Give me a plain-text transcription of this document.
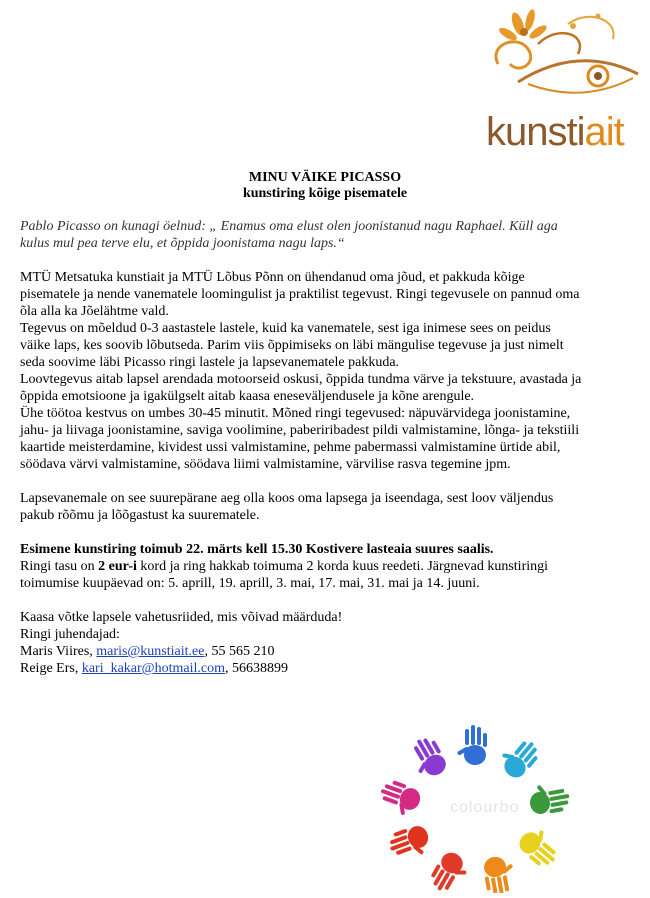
kunstiait
MINU VÄIKE PICASSO
kunstiring kõige pisematele

Pablo Picasso on kunagi öelnud: „ Enamus oma elust olen joonistanud nagu Raphael. Küll aga
kulus mul pea terve elu, et õppida joonistama nagu laps.“

MTÜ Metsatuka kunstiait ja MTÜ Lõbus Põnn on ühendanud oma jõud, et pakkuda kõige
pisematele ja nende vanematele loomingulist ja praktilist tegevust. Ringi tegevusele on pannud oma
õla alla ka Jõelähtme vald.
Tegevus on mõeldud 0-3 aastastele lastele, kuid ka vanematele, sest iga inimese sees on peidus
väike laps, kes soovib lõbutseda. Parim viis õppimiseks on läbi mängulise tegevuse ja just nimelt
seda soovime läbi Picasso ringi lastele ja lapsevanematele pakkuda.
Loovtegevus aitab lapsel arendada motoorseid oskusi, õppida tundma värve ja tekstuure, avastada ja
õppida emotsioone ja igakülgselt aitab kaasa eneseväljendusele ja kõne arengule.
Ühe töötoa kestvus on umbes 30-45 minutit. Mõned ringi tegevused: näpuvärvidega joonistamine,
jahu- ja liivaga joonistamine, saviga voolimine, paberiribadest pildi valmistamine, lõnga- ja tekstiili
kaartide meisterdamine, kividest ussi valmistamine, pehme pabermassi valmistamine ürtide abil,
söödava värvi valmistamine, söödava liimi valmistamine, värvilise rasva tegemine jpm.

Lapsevanemale on see suurepärane aeg olla koos oma lapsega ja iseendaga, sest loov väljendus
pakub rõõmu ja lõõgastust ka suurematele.

Esimene kunstiring toimub 22. märts kell 15.30 Kostivere lasteaia suures saalis.
Ringi tasu on 2 eur-i kord ja ring hakkab toimuma 2 korda kuus reedeti. Järgnevad kunstiringi
toimumise kuupäevad on: 5. aprill, 19. aprill, 3. mai, 17. mai, 31. mai ja 14. juuni.

Kaasa võtke lapsele vahetusriided, mis võivad määrduda!
Ringi juhendajad:
Maris Viires, maris@kunstiait.ee, 55 565 210
Reige Ers, kari_kakar@hotmail.com, 56638899

colourbo
